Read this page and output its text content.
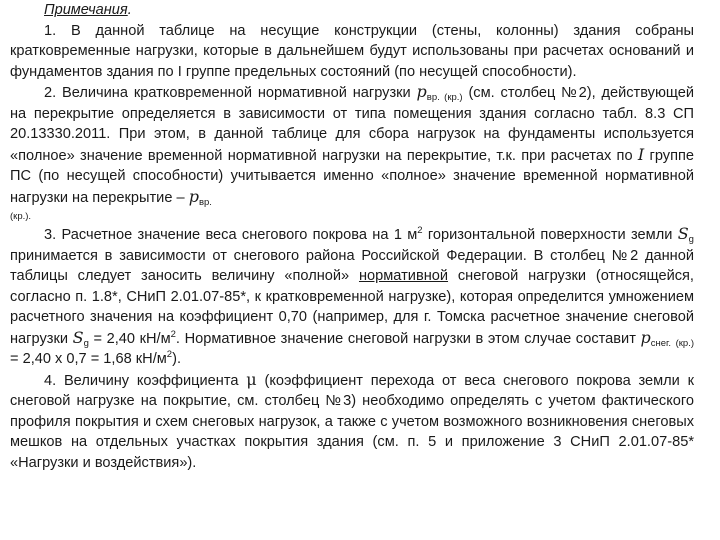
Примечания.

1. В данной таблице на несущие конструкции (стены, колонны) здания собраны кратковременные нагрузки, которые в дальнейшем будут использованы при расчетах оснований и фундаментов здания по I группе предельных состояний (по несущей способности).

2. Величина кратковременной нормативной нагрузки $p_{вр. (кр.)}$ (см. столбец №2), действующей на перекрытие определяется в зависимости от типа помещения здания согласно табл. 8.3 СП 20.13330.2011. При этом, в данной таблице для сбора нагрузок на фундаменты используется «полное» значение временной нормативной нагрузки на перекрытие, т.к. при расчетах по I группе ПС (по несущей способности) учитывается именно «полное» значение временной нормативной нагрузки на перекрытие – $p_{вр.}$

(кр.).

3. Расчетное значение веса снегового покрова на 1 $м^2$ горизонтальной поверхности земли $S_g$ принимается в зависимости от снегового района Российской Федерации. В столбец №2 данной таблицы следует заносить величину «полной» нормативной снеговой нагрузки (относящейся, согласно п. 1.8*, СНиП 2.01.07-85*, к кратковременной нагрузке), которая определится умножением расчетного значения на коэффициент 0,70 (например, для г. Томска расчетное значение снеговой нагрузки $S_g = 2,40$ $кН/м^2$. Нормативное значение снеговой нагрузки в этом случае составит $p_{снег.}$ $_{(кр.)}$ = 2,40 х 0,7 = 1,68 $кН/м^2$).

4. Величину коэффициента μ (коэффициент перехода от веса снегового покрова земли к снеговой нагрузке на покрытие, см. столбец №3) необходимо определять с учетом фактического профиля покрытия и схем снеговых нагрузок, а также с учетом возможного возникновения снеговых мешков на отдельных участках покрытия здания (см. п. 5 и приложение 3 СНиП 2.01.07-85* «Нагрузки и воздействия»).
